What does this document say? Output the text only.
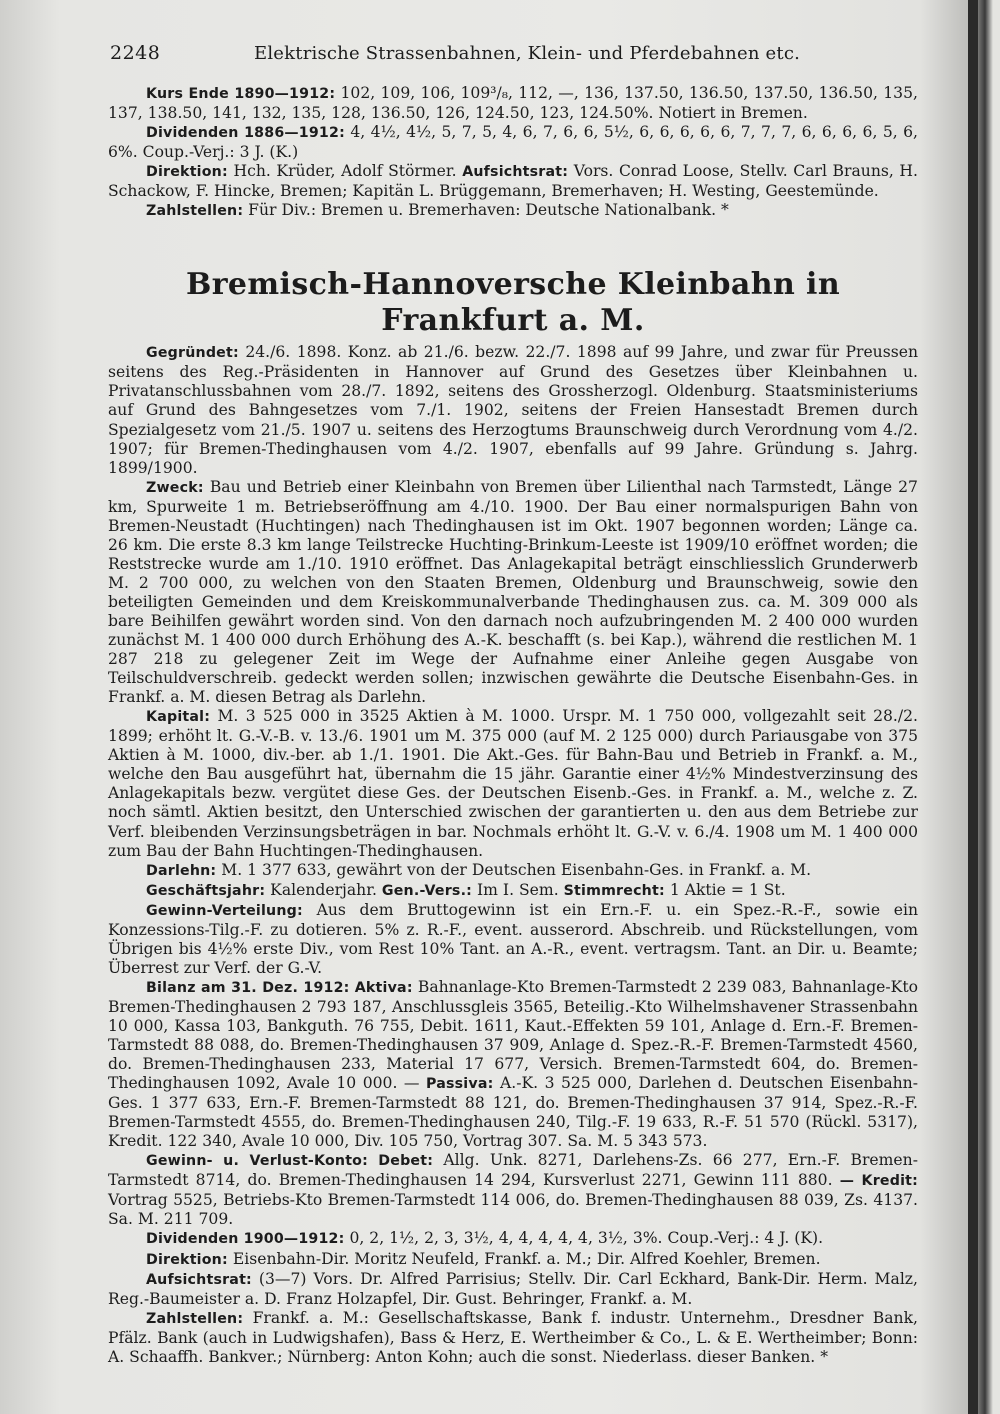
2248	Elektrische Strassenbahnen, Klein- und Pferdebahnen etc.

Kurs Ende 1890—1912: 102, 109, 106, 109³/₈, 112, —, 136, 137.50, 136.50, 137.50, 136.50, 135, 137, 138.50, 141, 132, 135, 128, 136.50, 126, 124.50, 123, 124.50%. Notiert in Bremen.

Dividenden 1886—1912: 4, 4½, 4½, 5, 7, 5, 4, 6, 7, 6, 6, 5½, 6, 6, 6, 6, 6, 7, 7, 7, 6, 6, 6, 6, 5, 6, 6%. Coup.-Verj.: 3 J. (K.)

Direktion: Hch. Krüder, Adolf Störmer. Aufsichtsrat: Vors. Conrad Loose, Stellv. Carl Brauns, H. Schackow, F. Hincke, Bremen; Kapitän L. Brüggemann, Bremerhaven; H. Westing, Geestemünde.

Zahlstellen: Für Div.: Bremen u. Bremerhaven: Deutsche Nationalbank. *

Bremisch-Hannoversche Kleinbahn in Frankfurt a. M.

Gegründet: 24./6. 1898. Konz. ab 21./6. bezw. 22./7. 1898 auf 99 Jahre, und zwar für Preussen seitens des Reg.-Präsidenten in Hannover auf Grund des Gesetzes über Kleinbahnen u. Privatanschlussbahnen vom 28./7. 1892, seitens des Grossherzogl. Oldenburg. Staatsministeriums auf Grund des Bahngesetzes vom 7./1. 1902, seitens der Freien Hansestadt Bremen durch Spezialgesetz vom 21./5. 1907 u. seitens des Herzogtums Braunschweig durch Verordnung vom 4./2. 1907; für Bremen-Thedinghausen vom 4./2. 1907, ebenfalls auf 99 Jahre. Gründung s. Jahrg. 1899/1900.

Zweck: Bau und Betrieb einer Kleinbahn von Bremen über Lilienthal nach Tarmstedt, Länge 27 km, Spurweite 1 m. Betriebseröffnung am 4./10. 1900. Der Bau einer normalspurigen Bahn von Bremen-Neustadt (Huchtingen) nach Thedinghausen ist im Okt. 1907 begonnen worden; Länge ca. 26 km. Die erste 8.3 km lange Teilstrecke Huchting-Brinkum-Leeste ist 1909/10 eröffnet worden; die Reststrecke wurde am 1./10. 1910 eröffnet. Das Anlagekapital beträgt einschliesslich Grunderwerb M. 2 700 000, zu welchen von den Staaten Bremen, Oldenburg und Braunschweig, sowie den beteiligten Gemeinden und dem Kreiskommunalverbande Thedinghausen zus. ca. M. 309 000 als bare Beihilfen gewährt worden sind. Von den darnach noch aufzubringenden M. 2 400 000 wurden zunächst M. 1 400 000 durch Erhöhung des A.-K. beschafft (s. bei Kap.), während die restlichen M. 1 287 218 zu gelegener Zeit im Wege der Aufnahme einer Anleihe gegen Ausgabe von Teilschuldverschreib. gedeckt werden sollen; inzwischen gewährte die Deutsche Eisenbahn-Ges. in Frankf. a. M. diesen Betrag als Darlehn.

Kapital: M. 3 525 000 in 3525 Aktien à M. 1000. Urspr. M. 1 750 000, vollgezahlt seit 28./2. 1899; erhöht lt. G.-V.-B. v. 13./6. 1901 um M. 375 000 (auf M. 2 125 000) durch Pariausgabe von 375 Aktien à M. 1000, div.-ber. ab 1./1. 1901. Die Akt.-Ges. für Bahn-Bau und Betrieb in Frankf. a. M., welche den Bau ausgeführt hat, übernahm die 15 jähr. Garantie einer 4½% Mindestverzinsung des Anlagekapitals bezw. vergütet diese Ges. der Deutschen Eisenb.-Ges. in Frankf. a. M., welche z. Z. noch sämtl. Aktien besitzt, den Unterschied zwischen der garantierten u. den aus dem Betriebe zur Verf. bleibenden Verzinsungsbeträgen in bar. Nochmals erhöht lt. G.-V. v. 6./4. 1908 um M. 1 400 000 zum Bau der Bahn Huchtingen-Thedinghausen.

Darlehn: M. 1 377 633, gewährt von der Deutschen Eisenbahn-Ges. in Frankf. a. M.

Geschäftsjahr: Kalenderjahr. Gen.-Vers.: Im I. Sem. Stimmrecht: 1 Aktie = 1 St.

Gewinn-Verteilung: Aus dem Bruttogewinn ist ein Ern.-F. u. ein Spez.-R.-F., sowie ein Konzessions-Tilg.-F. zu dotieren. 5% z. R.-F., event. ausserord. Abschreib. und Rückstellungen, vom Übrigen bis 4½% erste Div., vom Rest 10% Tant. an A.-R., event. vertragsm. Tant. an Dir. u. Beamte; Überrest zur Verf. der G.-V.

Bilanz am 31. Dez. 1912: Aktiva: Bahnanlage-Kto Bremen-Tarmstedt 2 239 083, Bahnanlage-Kto Bremen-Thedinghausen 2 793 187, Anschlussgleis 3565, Beteilig.-Kto Wilhelmshavener Strassenbahn 10 000, Kassa 103, Bankguth. 76 755, Debit. 1611, Kaut.-Effekten 59 101, Anlage d. Ern.-F. Bremen-Tarmstedt 88 088, do. Bremen-Thedinghausen 37 909, Anlage d. Spez.-R.-F. Bremen-Tarmstedt 4560, do. Bremen-Thedinghausen 233, Material 17 677, Versich. Bremen-Tarmstedt 604, do. Bremen-Thedinghausen 1092, Avale 10 000. — Passiva: A.-K. 3 525 000, Darlehen d. Deutschen Eisenbahn-Ges. 1 377 633, Ern.-F. Bremen-Tarmstedt 88 121, do. Bremen-Thedinghausen 37 914, Spez.-R.-F. Bremen-Tarmstedt 4555, do. Bremen-Thedinghausen 240, Tilg.-F. 19 633, R.-F. 51 570 (Rückl. 5317), Kredit. 122 340, Avale 10 000, Div. 105 750, Vortrag 307. Sa. M. 5 343 573.

Gewinn- u. Verlust-Konto: Debet: Allg. Unk. 8271, Darlehens-Zs. 66 277, Ern.-F. Bremen-Tarmstedt 8714, do. Bremen-Thedinghausen 14 294, Kursverlust 2271, Gewinn 111 880. — Kredit: Vortrag 5525, Betriebs-Kto Bremen-Tarmstedt 114 006, do. Bremen-Thedinghausen 88 039, Zs. 4137. Sa. M. 211 709.

Dividenden 1900—1912: 0, 2, 1½, 2, 3, 3½, 4, 4, 4, 4, 4, 3½, 3%. Coup.-Verj.: 4 J. (K).

Direktion: Eisenbahn-Dir. Moritz Neufeld, Frankf. a. M.; Dir. Alfred Koehler, Bremen.

Aufsichtsrat: (3—7) Vors. Dr. Alfred Parrisius; Stellv. Dir. Carl Eckhard, Bank-Dir. Herm. Malz, Reg.-Baumeister a. D. Franz Holzapfel, Dir. Gust. Behringer, Frankf. a. M.

Zahlstellen: Frankf. a. M.: Gesellschaftskasse, Bank f. industr. Unternehm., Dresdner Bank, Pfälz. Bank (auch in Ludwigshafen), Bass & Herz, E. Wertheimber & Co., L. & E. Wertheimber; Bonn: A. Schaaffh. Bankver.; Nürnberg: Anton Kohn; auch die sonst. Niederlass. dieser Banken. *
